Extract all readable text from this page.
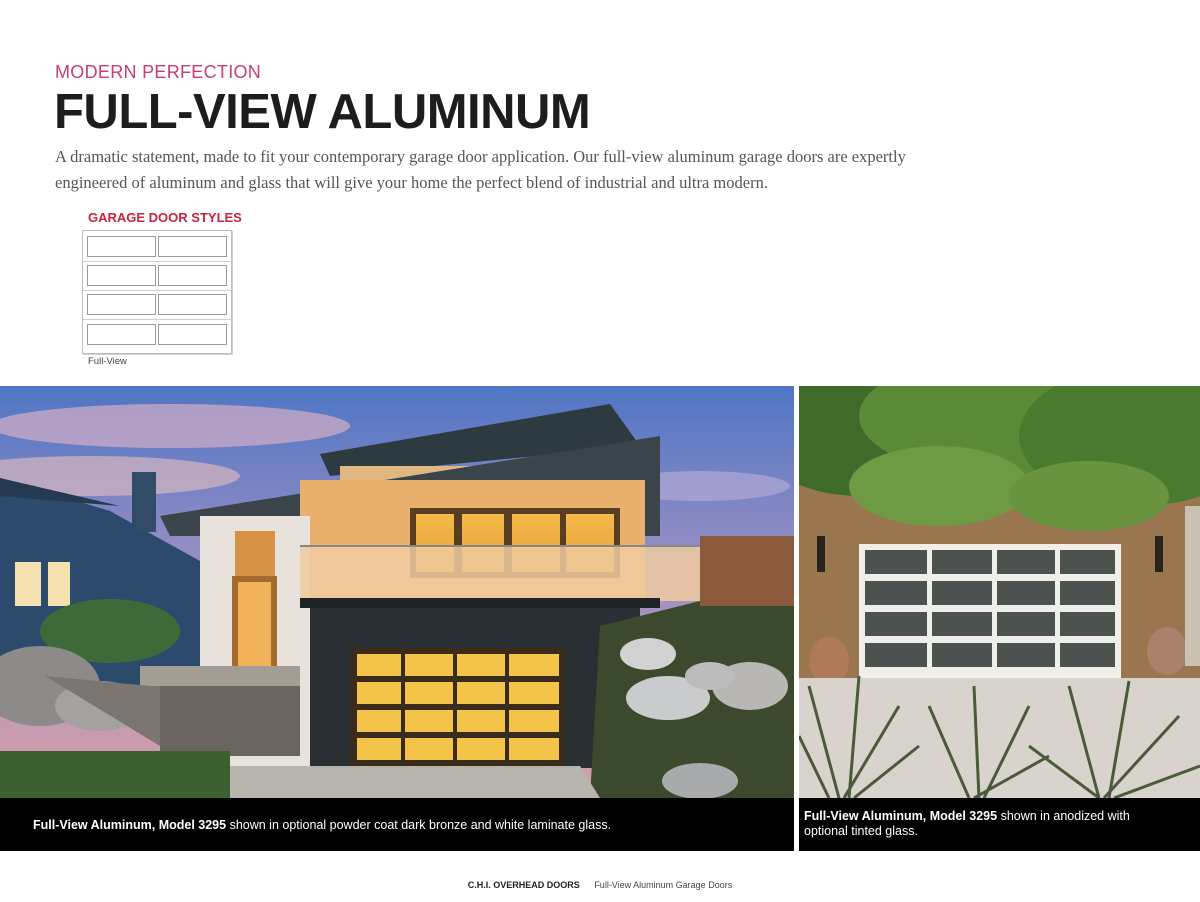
MODERN PERFECTION
FULL-VIEW ALUMINUM
A dramatic statement, made to fit your contemporary garage door application. Our full-view aluminum garage doors are expertly engineered of aluminum and glass that will give your home the perfect blend of industrial and ultra modern.
GARAGE DOOR STYLES
Full-View
Full-View Aluminum, Model 3295 shown in optional powder coat dark bronze and white laminate glass.
Full-View Aluminum, Model 3295 shown in anodized with optional tinted glass.
C.H.I. OVERHEAD DOORS Full-View Aluminum Garage Doors
